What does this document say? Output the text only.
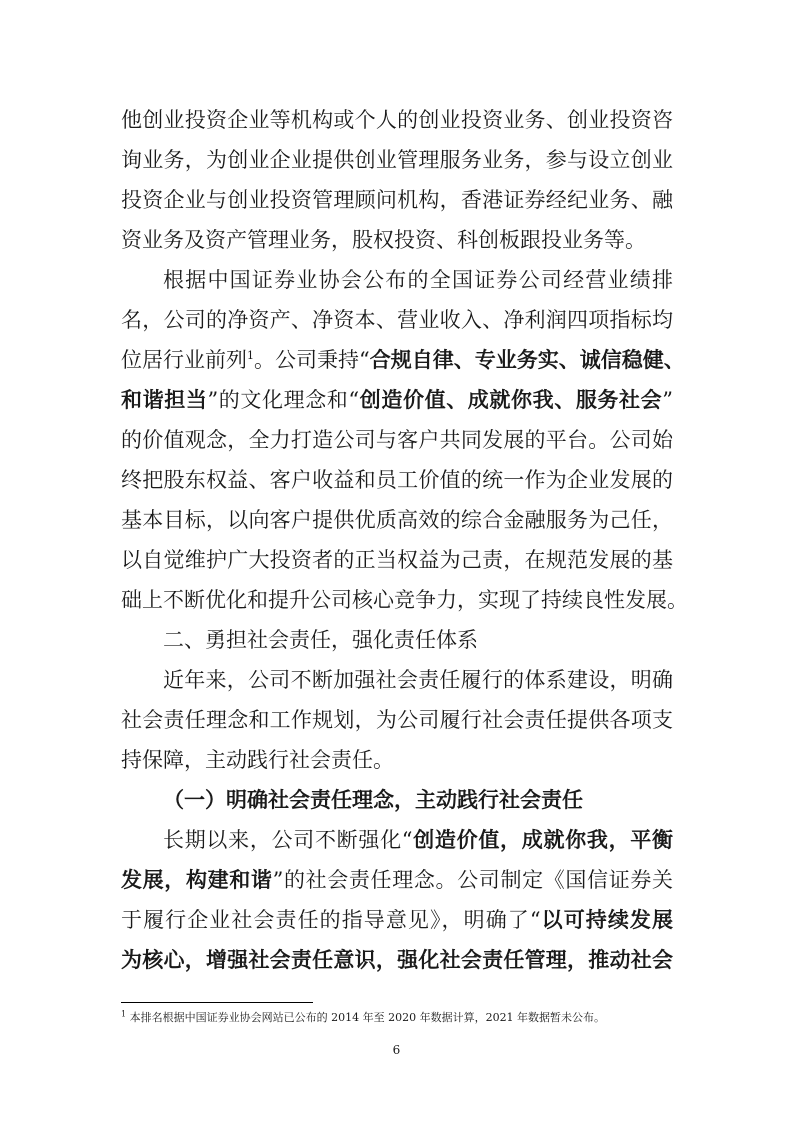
他创业投资企业等机构或个人的创业投资业务、创业投资咨
询业务，为创业企业提供创业管理服务业务，参与设立创业
投资企业与创业投资管理顾问机构，香港证券经纪业务、融
资业务及资产管理业务，股权投资、科创板跟投业务等。
根据中国证券业协会公布的全国证券公司经营业绩排
名，公司的净资产、净资本、营业收入、净利润四项指标均
位居行业前列$^1$。公司秉持“合规自律、专业务实、诚信稳健、
和谐担当”的文化理念和“创造价值、成就你我、服务社会”
的价值观念，全力打造公司与客户共同发展的平台。公司始
终把股东权益、客户收益和员工价值的统一作为企业发展的
基本目标，以向客户提供优质高效的综合金融服务为己任，
以自觉维护广大投资者的正当权益为己责，在规范发展的基
础上不断优化和提升公司核心竞争力，实现了持续良性发展。
二、勇担社会责任，强化责任体系
近年来，公司不断加强社会责任履行的体系建设，明确
社会责任理念和工作规划，为公司履行社会责任提供各项支
持保障，主动践行社会责任。
（一）明确社会责任理念，主动践行社会责任
长期以来，公司不断强化“创造价值，成就你我，平衡
发展，构建和谐”的社会责任理念。公司制定《国信证券关
于履行企业社会责任的指导意见》，明确了“以可持续发展
为核心，增强社会责任意识，强化社会责任管理，推动社会
$^1$ 本排名根据中国证券业协会网站已公布的 2014 年至 2020 年数据计算，2021 年数据暂未公布。
6
